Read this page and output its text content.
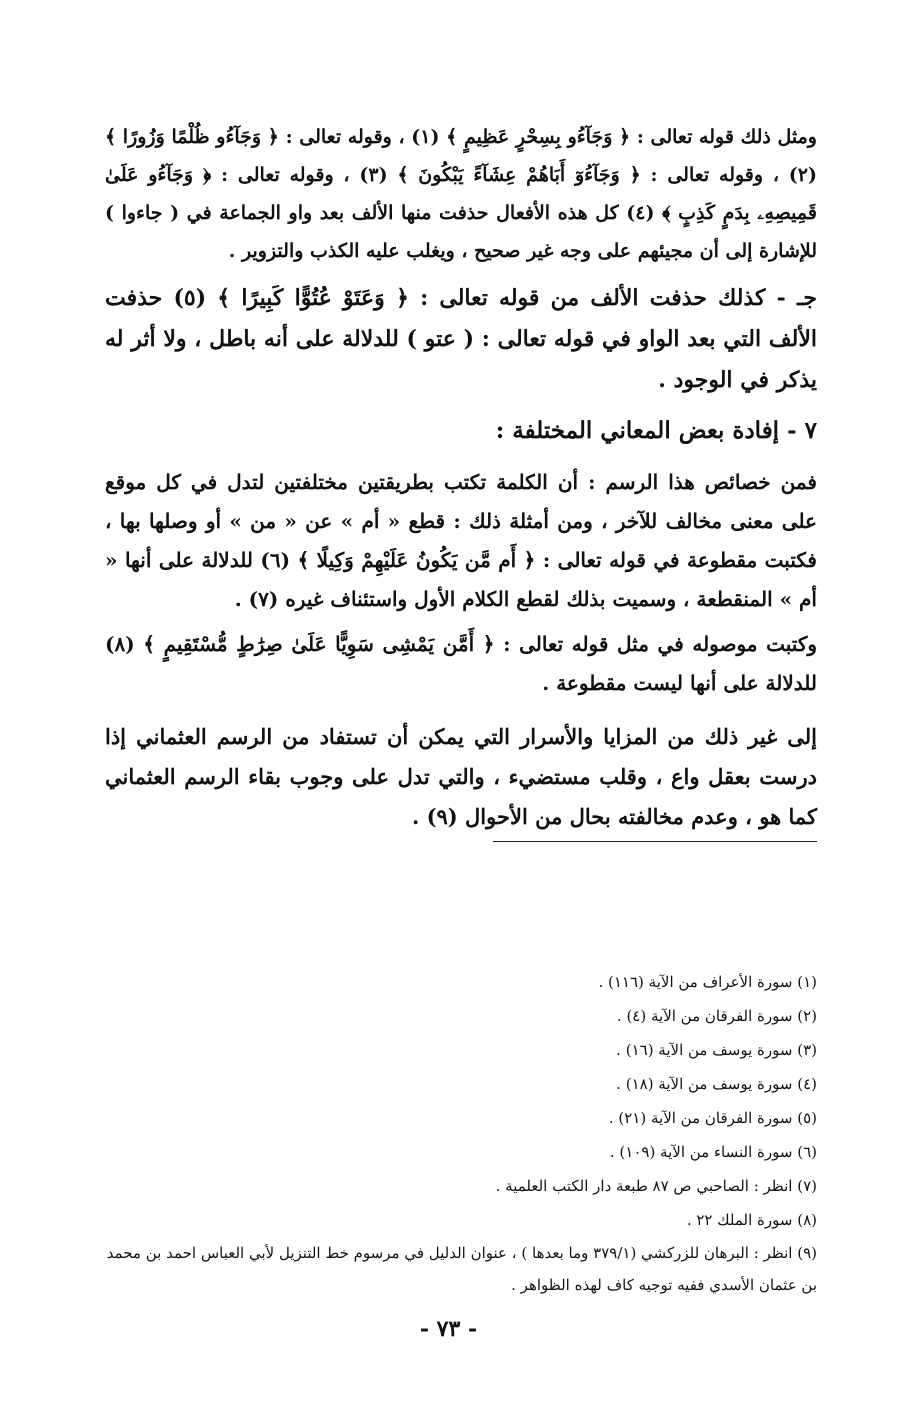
ومثل ذلك قوله تعالى : ﴿ وَجَآءُو بِسِحْرٍ عَظِيمٍ ﴾ (١) ، وقوله تعالى : ﴿ وَجَآءُو ظُلْمًا وَزُورًا ﴾ (٢) ، وقوله تعالى : ﴿ وَجَآءُوٓ أَبَاهُمْ عِشَآءً يَبْكُونَ ﴾ (٣) ، وقوله تعالى : ﴿ وَجَآءُو عَلَىٰ قَمِيصِهِۦ بِدَمٍ كَذِبٍ ﴾ (٤) كل هذه الأفعال حذفت منها الألف بعد واو الجماعة في ( جاءوا ) للإشارة إلى أن مجيئهم على وجه غير صحيح ، ويغلب عليه الكذب والتزوير .

جـ - كذلك حذفت الألف من قوله تعالى : ﴿ وَعَتَوْ عُتُوًّا كَبِيرًا ﴾ (٥) حذفت الألف التي بعد الواو في قوله تعالى : ( عتو ) للدلالة على أنه باطل ، ولا أثر له يذكر في الوجود .

٧ - إفادة بعض المعاني المختلفة :

فمن خصائص هذا الرسم : أن الكلمة تكتب بطريقتين مختلفتين لتدل في كل موقع على معنى مخالف للآخر ، ومن أمثلة ذلك : قطع « أم » عن « من » أو وصلها بها ، فكتبت مقطوعة في قوله تعالى : ﴿ أَم مَّن يَكُونُ عَلَيْهِمْ وَكِيلًا ﴾ (٦) للدلالة على أنها « أم » المنقطعة ، وسميت بذلك لقطع الكلام الأول واستئناف غيره (٧) .

وكتبت موصوله في مثل قوله تعالى : ﴿ أَمَّن يَمْشِى سَوِيًّا عَلَىٰ صِرَٰطٍ مُّسْتَقِيمٍ ﴾ (٨) للدلالة على أنها ليست مقطوعة .

إلى غير ذلك من المزايا والأسرار التي يمكن أن تستفاد من الرسم العثماني إذا درست بعقل واع ، وقلب مستضيء ، والتي تدل على وجوب بقاء الرسم العثماني كما هو ، وعدم مخالفته بحال من الأحوال (٩) .

(١) سورة الأعراف من الآية (١١٦) .
(٢) سورة الفرقان من الآية (٤) .
(٣) سورة يوسف من الآية (١٦) .
(٤) سورة يوسف من الآية (١٨) .
(٥) سورة الفرقان من الآية (٢١) .
(٦) سورة النساء من الآية (١٠٩) .
(٧) انظر : الصاحبي ص ٨٧ طبعة دار الكتب العلمية .
(٨) سورة الملك ٢٢ .
(٩) انظر : البرهان للزركشي (٣٧٩/١ وما بعدها ) ، عنوان الدليل في مرسوم خط التنزيل لأبي العباس احمد بن محمد بن عثمان الأسدي ففيه توجيه كاف لهذه الظواهر .
- ٧٣ -
